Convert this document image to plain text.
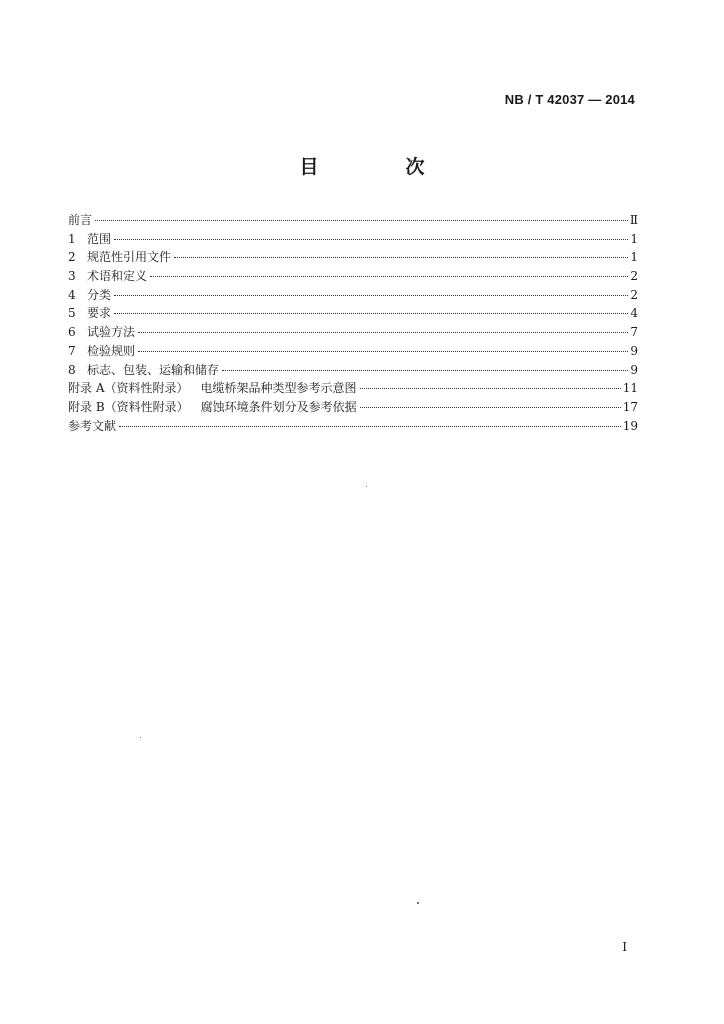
NB / T 42037 — 2014
目　次
前言	Ⅱ
1 范围	1
2 规范性引用文件	1
3 术语和定义	2
4 分类	2
5 要求	4
6 试验方法	7
7 检验规则	9
8 标志、包装、运输和储存	9
附录 A（资料性附录） 电缆桥架品种类型参考示意图	11
附录 B（资料性附录） 腐蚀环境条件划分及参考依据	17
参考文献	19
I
